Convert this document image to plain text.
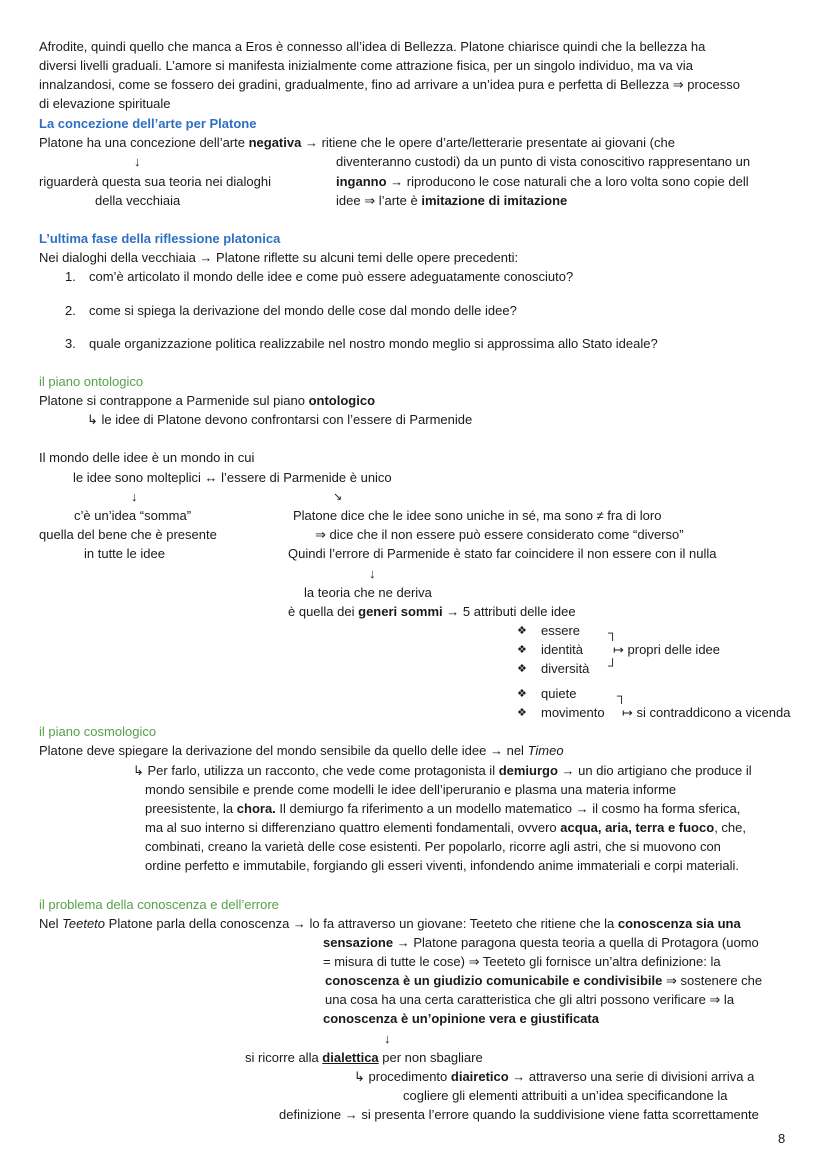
Afrodite, quindi quello che manca a Eros è connesso all’idea di Bellezza. Platone chiarisce quindi che la bellezza ha
diversi livelli graduali. L’amore si manifesta inizialmente come attrazione fisica, per un singolo individuo, ma va via
innalzandosi, come se fossero dei gradini, gradualmente, fino ad arrivare a un’idea pura e perfetta di Bellezza ⇒ processo
di elevazione spirituale
La concezione dell’arte per Platone
Platone ha una concezione dell’arte negativa → ritiene che le opere d’arte/letterarie presentate ai giovani (che
↓	diventeranno custodi) da un punto di vista conoscitivo rappresentano un
riguarderà questa sua teoria nei dialoghi	inganno → riproducono le cose naturali che a loro volta sono copie dell
della vecchiaia	idee ⇒ l’arte è imitazione di imitazione
L’ultima fase della riflessione platonica
Nei dialoghi della vecchiaia → Platone riflette su alcuni temi delle opere precedenti:
1. com’è articolato il mondo delle idee e come può essere adeguatamente conosciuto?
2. come si spiega la derivazione del mondo delle cose dal mondo delle idee?
3. quale organizzazione politica realizzabile nel nostro mondo meglio si approssima allo Stato ideale?
il piano ontologico
Platone si contrappone a Parmenide sul piano ontologico
↳ le idee di Platone devono confrontarsi con l’essere di Parmenide
Il mondo delle idee è un mondo in cui
le idee sono molteplici ↔ l’essere di Parmenide è unico
↓	↘
c’è un’idea “somma”
quella del bene che è presente
in tutte le idee
Platone dice che le idee sono uniche in sé, ma sono ≠ fra di loro
⇒ dice che il non essere può essere considerato come “diverso”
Quindi l’errore di Parmenide è stato far coincidere il non essere con il nulla
↓
la teoria che ne deriva
è quella dei generi sommi → 5 attributi delle idee
❖ essere ┐
❖ identità ↦ propri delle idee
❖ diversità ┘
❖ quiete	┐
❖ movimento ↦ si contraddicono a vicenda
il piano cosmologico
Platone deve spiegare la derivazione del mondo sensibile da quello delle idee → nel Timeo
↳ Per farlo, utilizza un racconto, che vede come protagonista il demiurgo → un dio artigiano che produce il
mondo sensibile e prende come modelli le idee dell’iperuranio e plasma una materia informe
preesistente, la chora. Il demiurgo fa riferimento a un modello matematico → il cosmo ha forma sferica,
ma al suo interno si differenziano quattro elementi fondamentali, ovvero acqua, aria, terra e fuoco, che,
combinati, creano la varietà delle cose esistenti. Per popolarlo, ricorre agli astri, che si muovono con
ordine perfetto e immutabile, forgiando gli esseri viventi, infondendo anime immateriali e corpi materiali.
il problema della conoscenza e dell’errore
Nel Teeteto Platone parla della conoscenza → lo fa attraverso un giovane: Teeteto che ritiene che la conoscenza sia una
sensazione → Platone paragona questa teoria a quella di Protagora (uomo
= misura di tutte le cose) ⇒ Teeteto gli fornisce un’altra definizione: la
conoscenza è un giudizio comunicabile e condivisibile ⇒ sostenere che
una cosa ha una certa caratteristica che gli altri possono verificare ⇒ la
conoscenza è un’opinione vera e giustificata
↓
si ricorre alla dialettica per non sbagliare
↳ procedimento diairetico → attraverso una serie di divisioni arriva a
cogliere gli elementi attribuiti a un’idea specificandone la
definizione → si presenta l’errore quando la suddivisione viene fatta scorrettamente
8
